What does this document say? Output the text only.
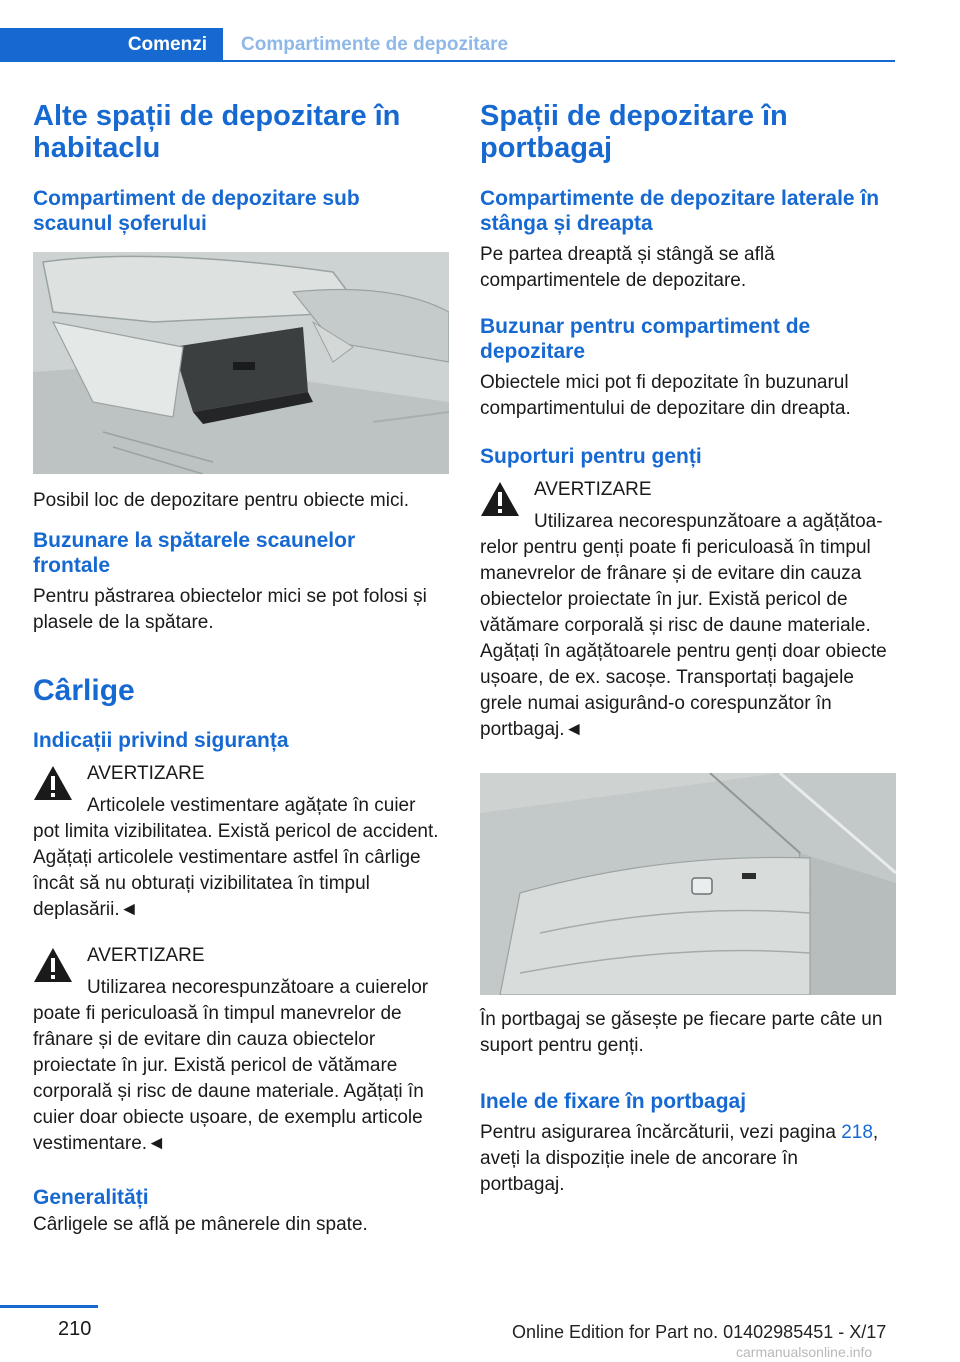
Comenzi	Compartimente de depozitare
Alte spații de depozitare în habitaclu
Compartiment de depozitare sub scaunul șoferului
Posibil loc de depozitare pentru obiecte mici.
Buzunare la spătarele scaunelor frontale
Pentru păstrarea obiectelor mici se pot folosi și plasele de la spătare.
Cârlige
Indicații privind siguranța
AVERTIZARE
Articolele vestimentare agățate în cuier
pot limita vizibilitatea. Există pericol de accident. Agățați articolele vestimentare astfel în cârlige încât să nu obturați vizibilitatea în timpul deplasării.◄
AVERTIZARE
Utilizarea necorespunzătoare a cuierelor
poate fi periculoasă în timpul manevrelor de frânare și de evitare din cauza obiectelor proiectate în jur. Există pericol de vătămare corporală și risc de daune materiale. Agățați în cuier doar obiecte ușoare, de exemplu articole vestimentare.◄
Generalități
Cârligele se află pe mânerele din spate.
Spații de depozitare în portbagaj
Compartimente de depozitare laterale în stânga și dreapta
Pe partea dreaptă și stângă se află compartimentele de depozitare.
Buzunar pentru compartiment de depozitare
Obiectele mici pot fi depozitate în buzunarul compartimentului de depozitare din dreapta.
Suporturi pentru genți
AVERTIZARE
Utilizarea necorespunzătoare a agățătoa-
relor pentru genți poate fi periculoasă în timpul manevrelor de frânare și de evitare din cauza obiectelor proiectate în jur. Există pericol de vătămare corporală și risc de daune materiale. Agățați în agățătoarele pentru genți doar obiecte ușoare, de ex. sacoșe. Transportați bagajele grele numai asigurând-o corespunzător în portbagaj.◄
În portbagaj se găsește pe fiecare parte câte un suport pentru genți.
Inele de fixare în portbagaj
Pentru asigurarea încărcăturii, vezi pagina 218, aveți la dispoziție inele de ancorare în portbagaj.
210	Online Edition for Part no. 01402985451 - X/17
carmanualsonline.info
